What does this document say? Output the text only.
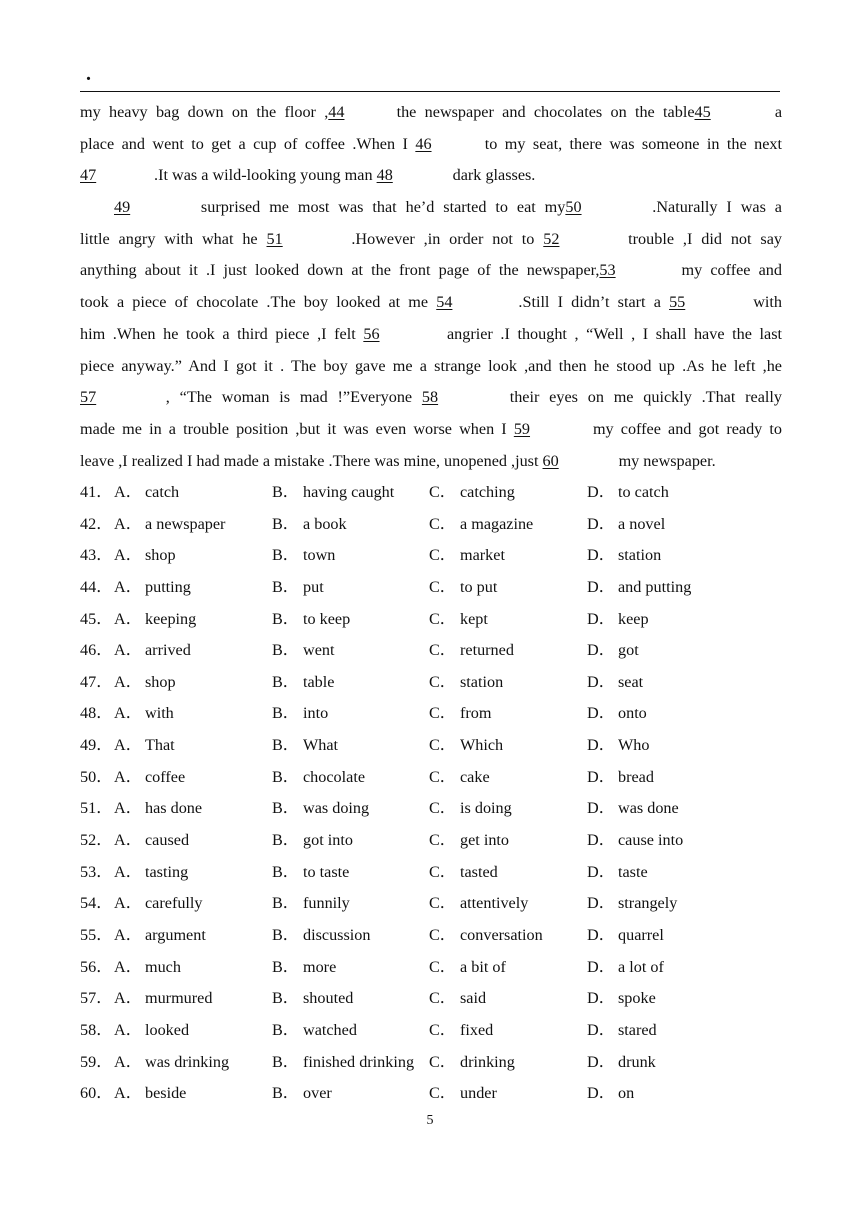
.
my heavy bag down on the floor ,44	the newspaper and chocolates on the table45	a
place and went to get a cup of coffee .When I 46	to my seat, there was someone in the next
47	.It was a wild-looking young man 48	dark glasses.
49	surprised me most was that he’d started to eat my50	.Naturally I was a
little angry with what he 51	.However ,in order not to 52	trouble ,I did not say
anything about it .I just looked down at the front page of the newspaper,53	my coffee and
took a piece of chocolate .The boy looked at me 54	.Still I didn’t start a 55	with
him .When he took a third piece ,I felt 56	angrier .I thought , “Well , I shall have the last
piece anyway.” And I got it . The boy gave me a strange look ,and then he stood up .As he left ,he
57	, “The woman is mad !”Everyone 58	their eyes on me quickly .That really
made me in a trouble position ,but it was even worse when I 59	my coffee and got ready to
leave ,I realized I had made a mistake .There was mine, unopened ,just 60	my newspaper.
41． A． catch	B． having caught C． catching	D． to catch
42． A． a newspaper	B． a book	C． a magazine	D． a novel
43． A． shop	B． town	C． market	D． station
44． A． putting	B． put	C． to put	D． and putting
45． A． keeping	B． to keep	C． kept	D． keep
46． A． arrived	B． went	C． returned	D． got
47． A． shop	B． table	C． station	D． seat
48． A． with	B． into	C． from	D． onto
49． A． That	B． What	C． Which	D． Who
50． A． coffee	B． chocolate	C． cake	D． bread
51． A． has done	B． was doing	C． is doing	D． was done
52． A． caused	B． got into	C． get into	D． cause into
53． A． tasting	B． to taste	C． tasted	D． taste
54． A． carefully	B． funnily	C． attentively	D． strangely
55． A． argument	B． discussion	C． conversation	D． quarrel
56． A． much	B． more	C． a bit of	D． a lot of
57． A． murmured	B． shouted	C． said	D． spoke
58． A． looked	B． watched	C． fixed	D． stared
59． A． was drinking	B． finished drinking C． drinking	D． drunk
60． A． beside	B． over	C． under	D． on
5
